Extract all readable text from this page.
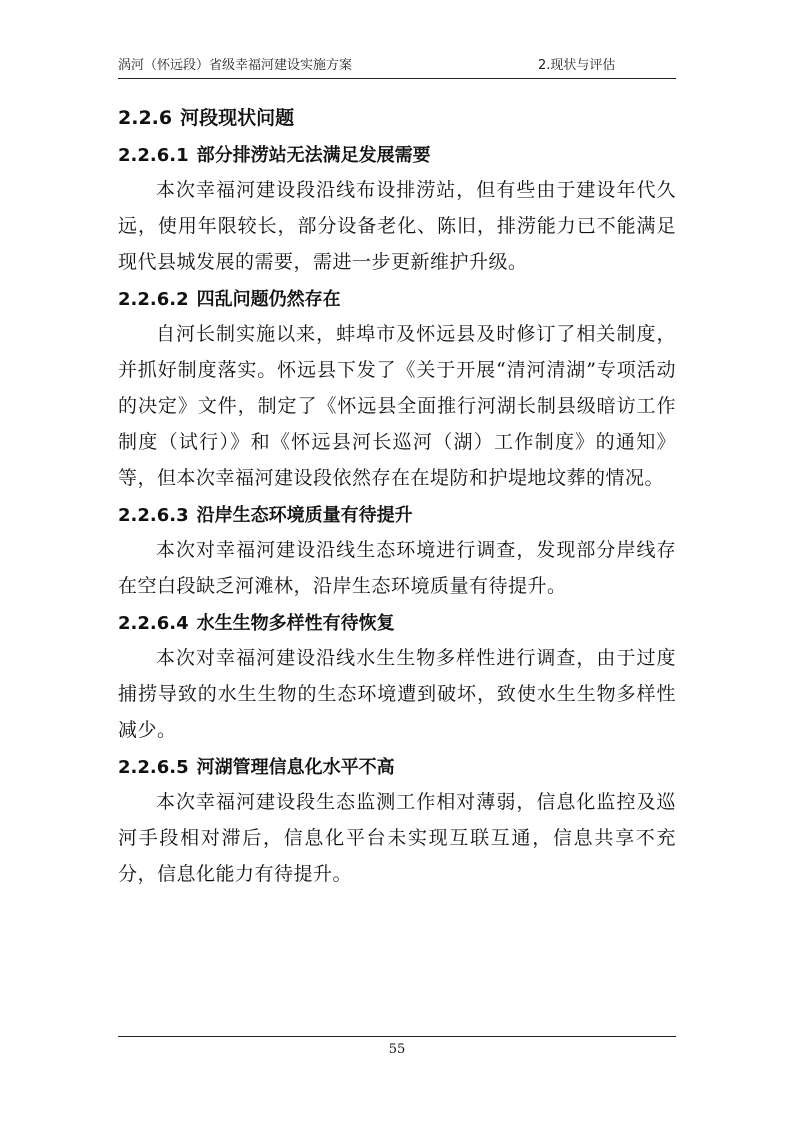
涡河（怀远段）省级幸福河建设实施方案	2.现状与评估
2.2.6 河段现状问题
2.2.6.1 部分排涝站无法满足发展需要

本次幸福河建设段沿线布设排涝站，但有些由于建设年代久远，使用年限较长，部分设备老化、陈旧，排涝能力已不能满足现代县城发展的需要，需进一步更新维护升级。

2.2.6.2 四乱问题仍然存在

自河长制实施以来，蚌埠市及怀远县及时修订了相关制度，并抓好制度落实。怀远县下发了《关于开展“清河清湖”专项活动的决定》文件，制定了《怀远县全面推行河湖长制县级暗访工作制度（试行）》和《怀远县河长巡河（湖）工作制度》的通知》等，但本次幸福河建设段依然存在在堤防和护堤地坟葬的情况。

2.2.6.3 沿岸生态环境质量有待提升

本次对幸福河建设沿线生态环境进行调查，发现部分岸线存在空白段缺乏河滩林，沿岸生态环境质量有待提升。

2.2.6.4 水生生物多样性有待恢复

本次对幸福河建设沿线水生生物多样性进行调查，由于过度捕捞导致的水生生物的生态环境遭到破坏，致使水生生物多样性减少。

2.2.6.5 河湖管理信息化水平不高

本次幸福河建设段生态监测工作相对薄弱，信息化监控及巡河手段相对滞后，信息化平台未实现互联互通，信息共享不充分，信息化能力有待提升。

55
